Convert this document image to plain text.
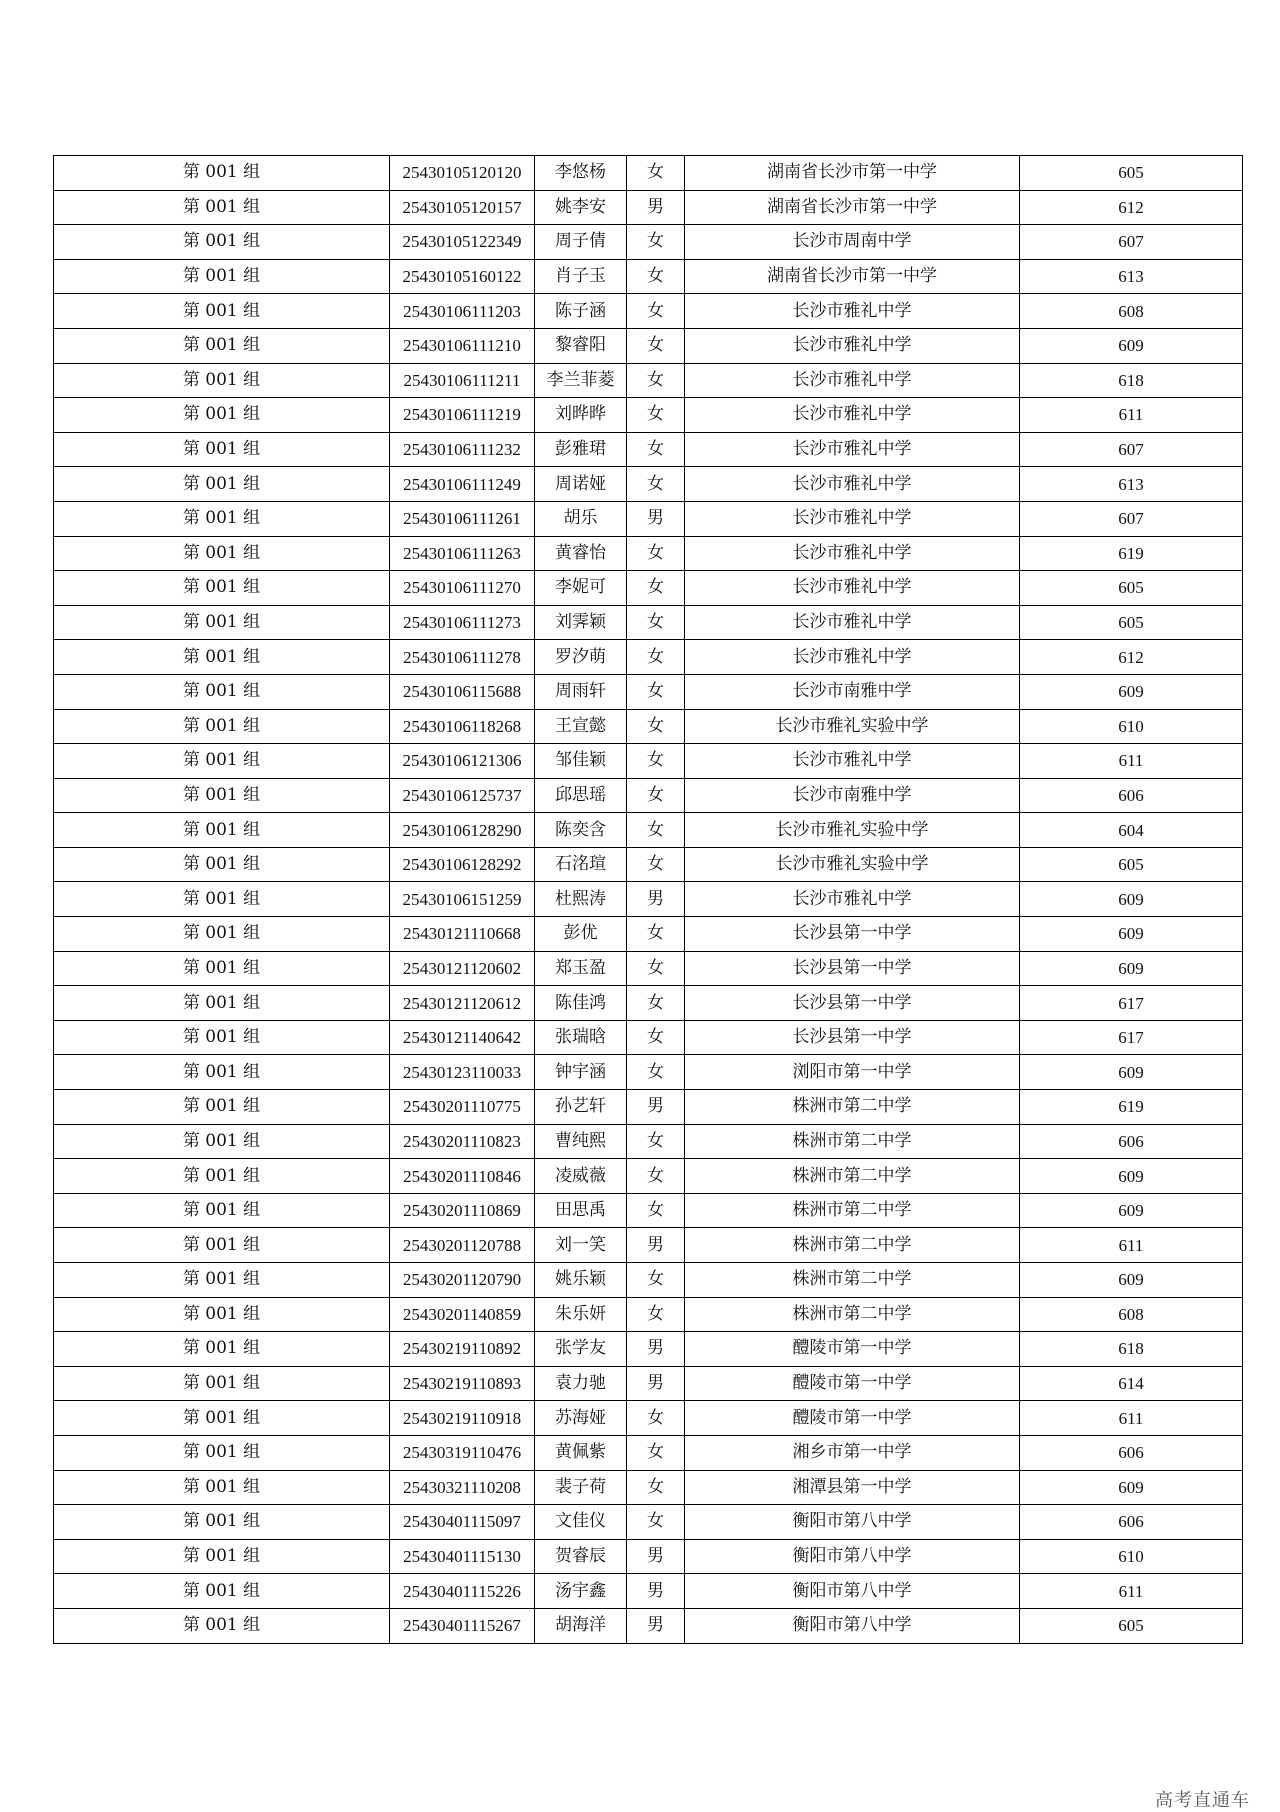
第 001 组	25430105120120	李悠杨	女	湖南省长沙市第一中学	605
第 001 组	25430105120157	姚李安	男	湖南省长沙市第一中学	612
第 001 组	25430105122349	周子倩	女	长沙市周南中学	607
第 001 组	25430105160122	肖子玉	女	湖南省长沙市第一中学	613
第 001 组	25430106111203	陈子涵	女	长沙市雅礼中学	608
第 001 组	25430106111210	黎睿阳	女	长沙市雅礼中学	609
第 001 组	25430106111211	李兰菲菱	女	长沙市雅礼中学	618
第 001 组	25430106111219	刘晔晔	女	长沙市雅礼中学	611
第 001 组	25430106111232	彭雅珺	女	长沙市雅礼中学	607
第 001 组	25430106111249	周诺娅	女	长沙市雅礼中学	613
第 001 组	25430106111261	胡乐	男	长沙市雅礼中学	607
第 001 组	25430106111263	黄睿怡	女	长沙市雅礼中学	619
第 001 组	25430106111270	李妮可	女	长沙市雅礼中学	605
第 001 组	25430106111273	刘霁颖	女	长沙市雅礼中学	605
第 001 组	25430106111278	罗汐萌	女	长沙市雅礼中学	612
第 001 组	25430106115688	周雨轩	女	长沙市南雅中学	609
第 001 组	25430106118268	王宣懿	女	长沙市雅礼实验中学	610
第 001 组	25430106121306	邹佳颖	女	长沙市雅礼中学	611
第 001 组	25430106125737	邱思瑶	女	长沙市南雅中学	606
第 001 组	25430106128290	陈奕含	女	长沙市雅礼实验中学	604
第 001 组	25430106128292	石洺瑄	女	长沙市雅礼实验中学	605
第 001 组	25430106151259	杜熙涛	男	长沙市雅礼中学	609
第 001 组	25430121110668	彭优	女	长沙县第一中学	609
第 001 组	25430121120602	郑玉盈	女	长沙县第一中学	609
第 001 组	25430121120612	陈佳鸿	女	长沙县第一中学	617
第 001 组	25430121140642	张瑞晗	女	长沙县第一中学	617
第 001 组	25430123110033	钟宇涵	女	浏阳市第一中学	609
第 001 组	25430201110775	孙艺轩	男	株洲市第二中学	619
第 001 组	25430201110823	曹纯熙	女	株洲市第二中学	606
第 001 组	25430201110846	凌威薇	女	株洲市第二中学	609
第 001 组	25430201110869	田思禹	女	株洲市第二中学	609
第 001 组	25430201120788	刘一笑	男	株洲市第二中学	611
第 001 组	25430201120790	姚乐颖	女	株洲市第二中学	609
第 001 组	25430201140859	朱乐妍	女	株洲市第二中学	608
第 001 组	25430219110892	张学友	男	醴陵市第一中学	618
第 001 组	25430219110893	袁力驰	男	醴陵市第一中学	614
第 001 组	25430219110918	苏海娅	女	醴陵市第一中学	611
第 001 组	25430319110476	黄佩紫	女	湘乡市第一中学	606
第 001 组	25430321110208	裴子荷	女	湘潭县第一中学	609
第 001 组	25430401115097	文佳仪	女	衡阳市第八中学	606
第 001 组	25430401115130	贺睿辰	男	衡阳市第八中学	610
第 001 组	25430401115226	汤宇鑫	男	衡阳市第八中学	611
第 001 组	25430401115267	胡海洋	男	衡阳市第八中学	605
高考直通车
